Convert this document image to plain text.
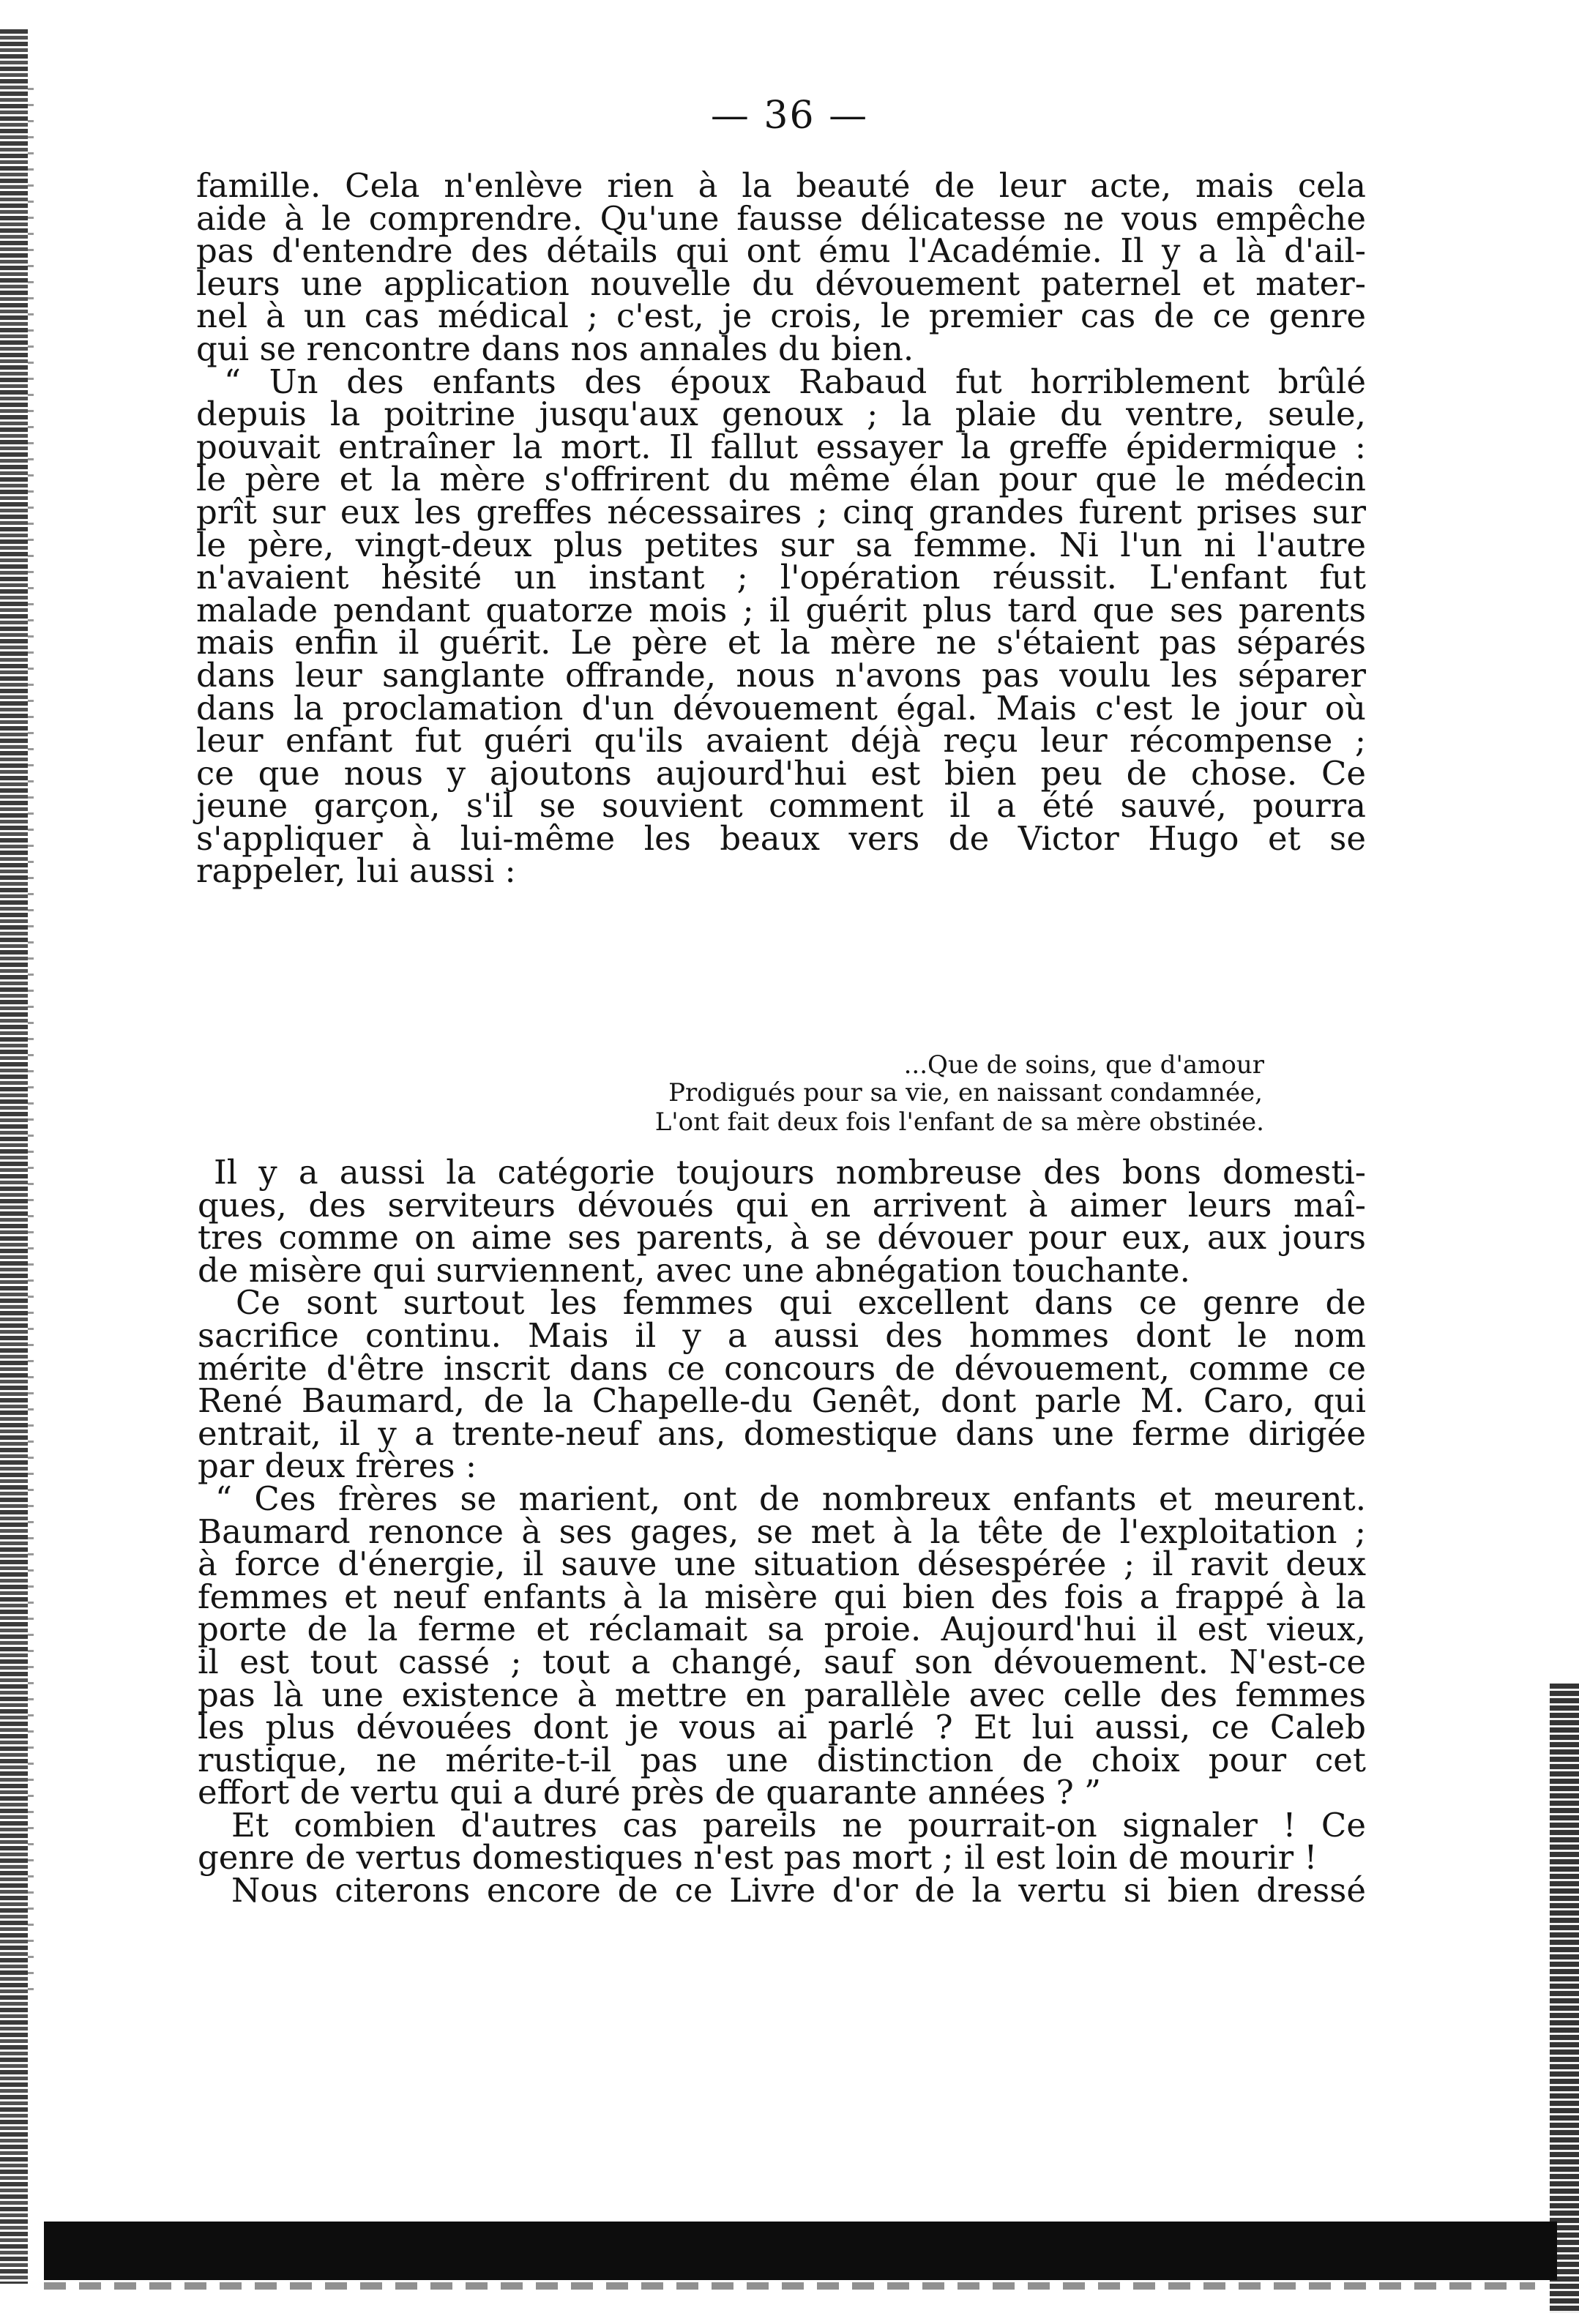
— 36 —
famille. Cela n'enlève rien à la beauté de leur acte, mais cela
aide à le comprendre. Qu'une fausse délicatesse ne vous empêche
pas d'entendre des détails qui ont ému l'Académie. Il y a là d'ail-
leurs une application nouvelle du dévouement paternel et mater-
nel à un cas médical ; c'est, je crois, le premier cas de ce genre
qui se rencontre dans nos annales du bien.
“ Un des enfants des époux Rabaud fut horriblement brûlé
depuis la poitrine jusqu'aux genoux ; la plaie du ventre, seule,
pouvait entraîner la mort. Il fallut essayer la greffe épidermique :
le père et la mère s'offrirent du même élan pour que le médecin
prît sur eux les greffes nécessaires ; cinq grandes furent prises sur
le père, vingt-deux plus petites sur sa femme. Ni l'un ni l'autre
n'avaient hésité un instant ; l'opération réussit. L'enfant fut
malade pendant quatorze mois ; il guérit plus tard que ses parents
mais enfin il guérit. Le père et la mère ne s'étaient pas séparés
dans leur sanglante offrande, nous n'avons pas voulu les séparer
dans la proclamation d'un dévouement égal. Mais c'est le jour où
leur enfant fut guéri qu'ils avaient déjà reçu leur récompense ;
ce que nous y ajoutons aujourd'hui est bien peu de chose. Ce
jeune garçon, s'il se souvient comment il a été sauvé, pourra
s'appliquer à lui-même les beaux vers de Victor Hugo et se
rappeler, lui aussi :
...Que de soins, que d'amour
Prodigués pour sa vie, en naissant condamnée,
L'ont fait deux fois l'enfant de sa mère obstinée.
Il y a aussi la catégorie toujours nombreuse des bons domesti-
ques, des serviteurs dévoués qui en arrivent à aimer leurs maî-
tres comme on aime ses parents, à se dévouer pour eux, aux jours
de misère qui surviennent, avec une abnégation touchante.
Ce sont surtout les femmes qui excellent dans ce genre de
sacrifice continu. Mais il y a aussi des hommes dont le nom
mérite d'être inscrit dans ce concours de dévouement, comme ce
René Baumard, de la Chapelle-du Genêt, dont parle M. Caro, qui
entrait, il y a trente-neuf ans, domestique dans une ferme dirigée
par deux frères :
“ Ces frères se marient, ont de nombreux enfants et meurent.
Baumard renonce à ses gages, se met à la tête de l'exploitation ;
à force d'énergie, il sauve une situation désespérée ; il ravit deux
femmes et neuf enfants à la misère qui bien des fois a frappé à la
porte de la ferme et réclamait sa proie. Aujourd'hui il est vieux,
il est tout cassé ; tout a changé, sauf son dévouement. N'est-ce
pas là une existence à mettre en parallèle avec celle des femmes
les plus dévouées dont je vous ai parlé ? Et lui aussi, ce Caleb
rustique, ne mérite-t-il pas une distinction de choix pour cet
effort de vertu qui a duré près de quarante années ? ”
Et combien d'autres cas pareils ne pourrait-on signaler ! Ce
genre de vertus domestiques n'est pas mort ; il est loin de mourir !
Nous citerons encore de ce Livre d'or de la vertu si bien dressé
